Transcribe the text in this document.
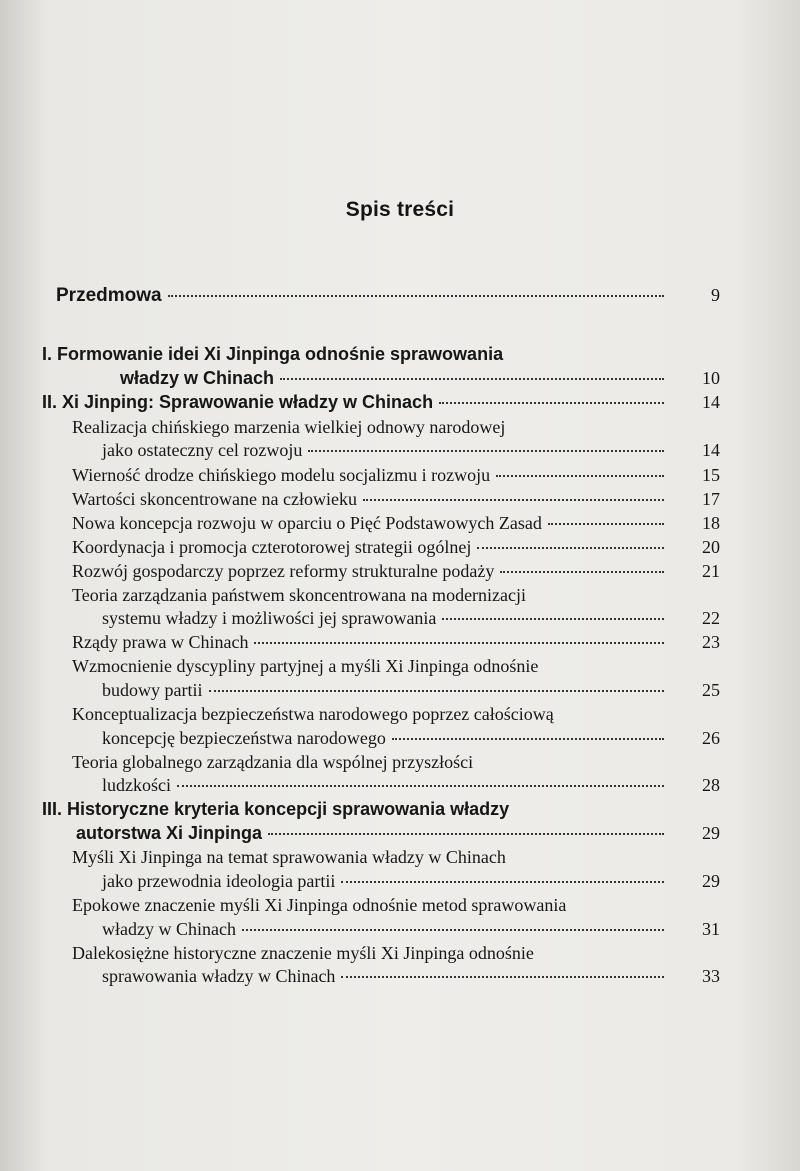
Spis treści
Przedmowa	9
I. Formowanie idei Xi Jinpinga odnośnie sprawowania
władzy w Chinach	10
II. Xi Jinping: Sprawowanie władzy w Chinach	14
Realizacja chińskiego marzenia wielkiej odnowy narodowej
jako ostateczny cel rozwoju	14
Wierność drodze chińskiego modelu socjalizmu i rozwoju	15
Wartości skoncentrowane na człowieku	17
Nowa koncepcja rozwoju w oparciu o Pięć Podstawowych Zasad	18
Koordynacja i promocja czterotorowej strategii ogólnej	20
Rozwój gospodarczy poprzez reformy strukturalne podaży	21
Teoria zarządzania państwem skoncentrowana na modernizacji
systemu władzy i możliwości jej sprawowania	22
Rządy prawa w Chinach	23
Wzmocnienie dyscypliny partyjnej a myśli Xi Jinpinga odnośnie
budowy partii	25
Konceptualizacja bezpieczeństwa narodowego poprzez całościową
koncepcję bezpieczeństwa narodowego	26
Teoria globalnego zarządzania dla wspólnej przyszłości
ludzkości	28
III. Historyczne kryteria koncepcji sprawowania władzy
autorstwa Xi Jinpinga	29
Myśli Xi Jinpinga na temat sprawowania władzy w Chinach
jako przewodnia ideologia partii	29
Epokowe znaczenie myśli Xi Jinpinga odnośnie metod sprawowania
władzy w Chinach	31
Dalekosiężne historyczne znaczenie myśli Xi Jinpinga odnośnie
sprawowania władzy w Chinach	33
